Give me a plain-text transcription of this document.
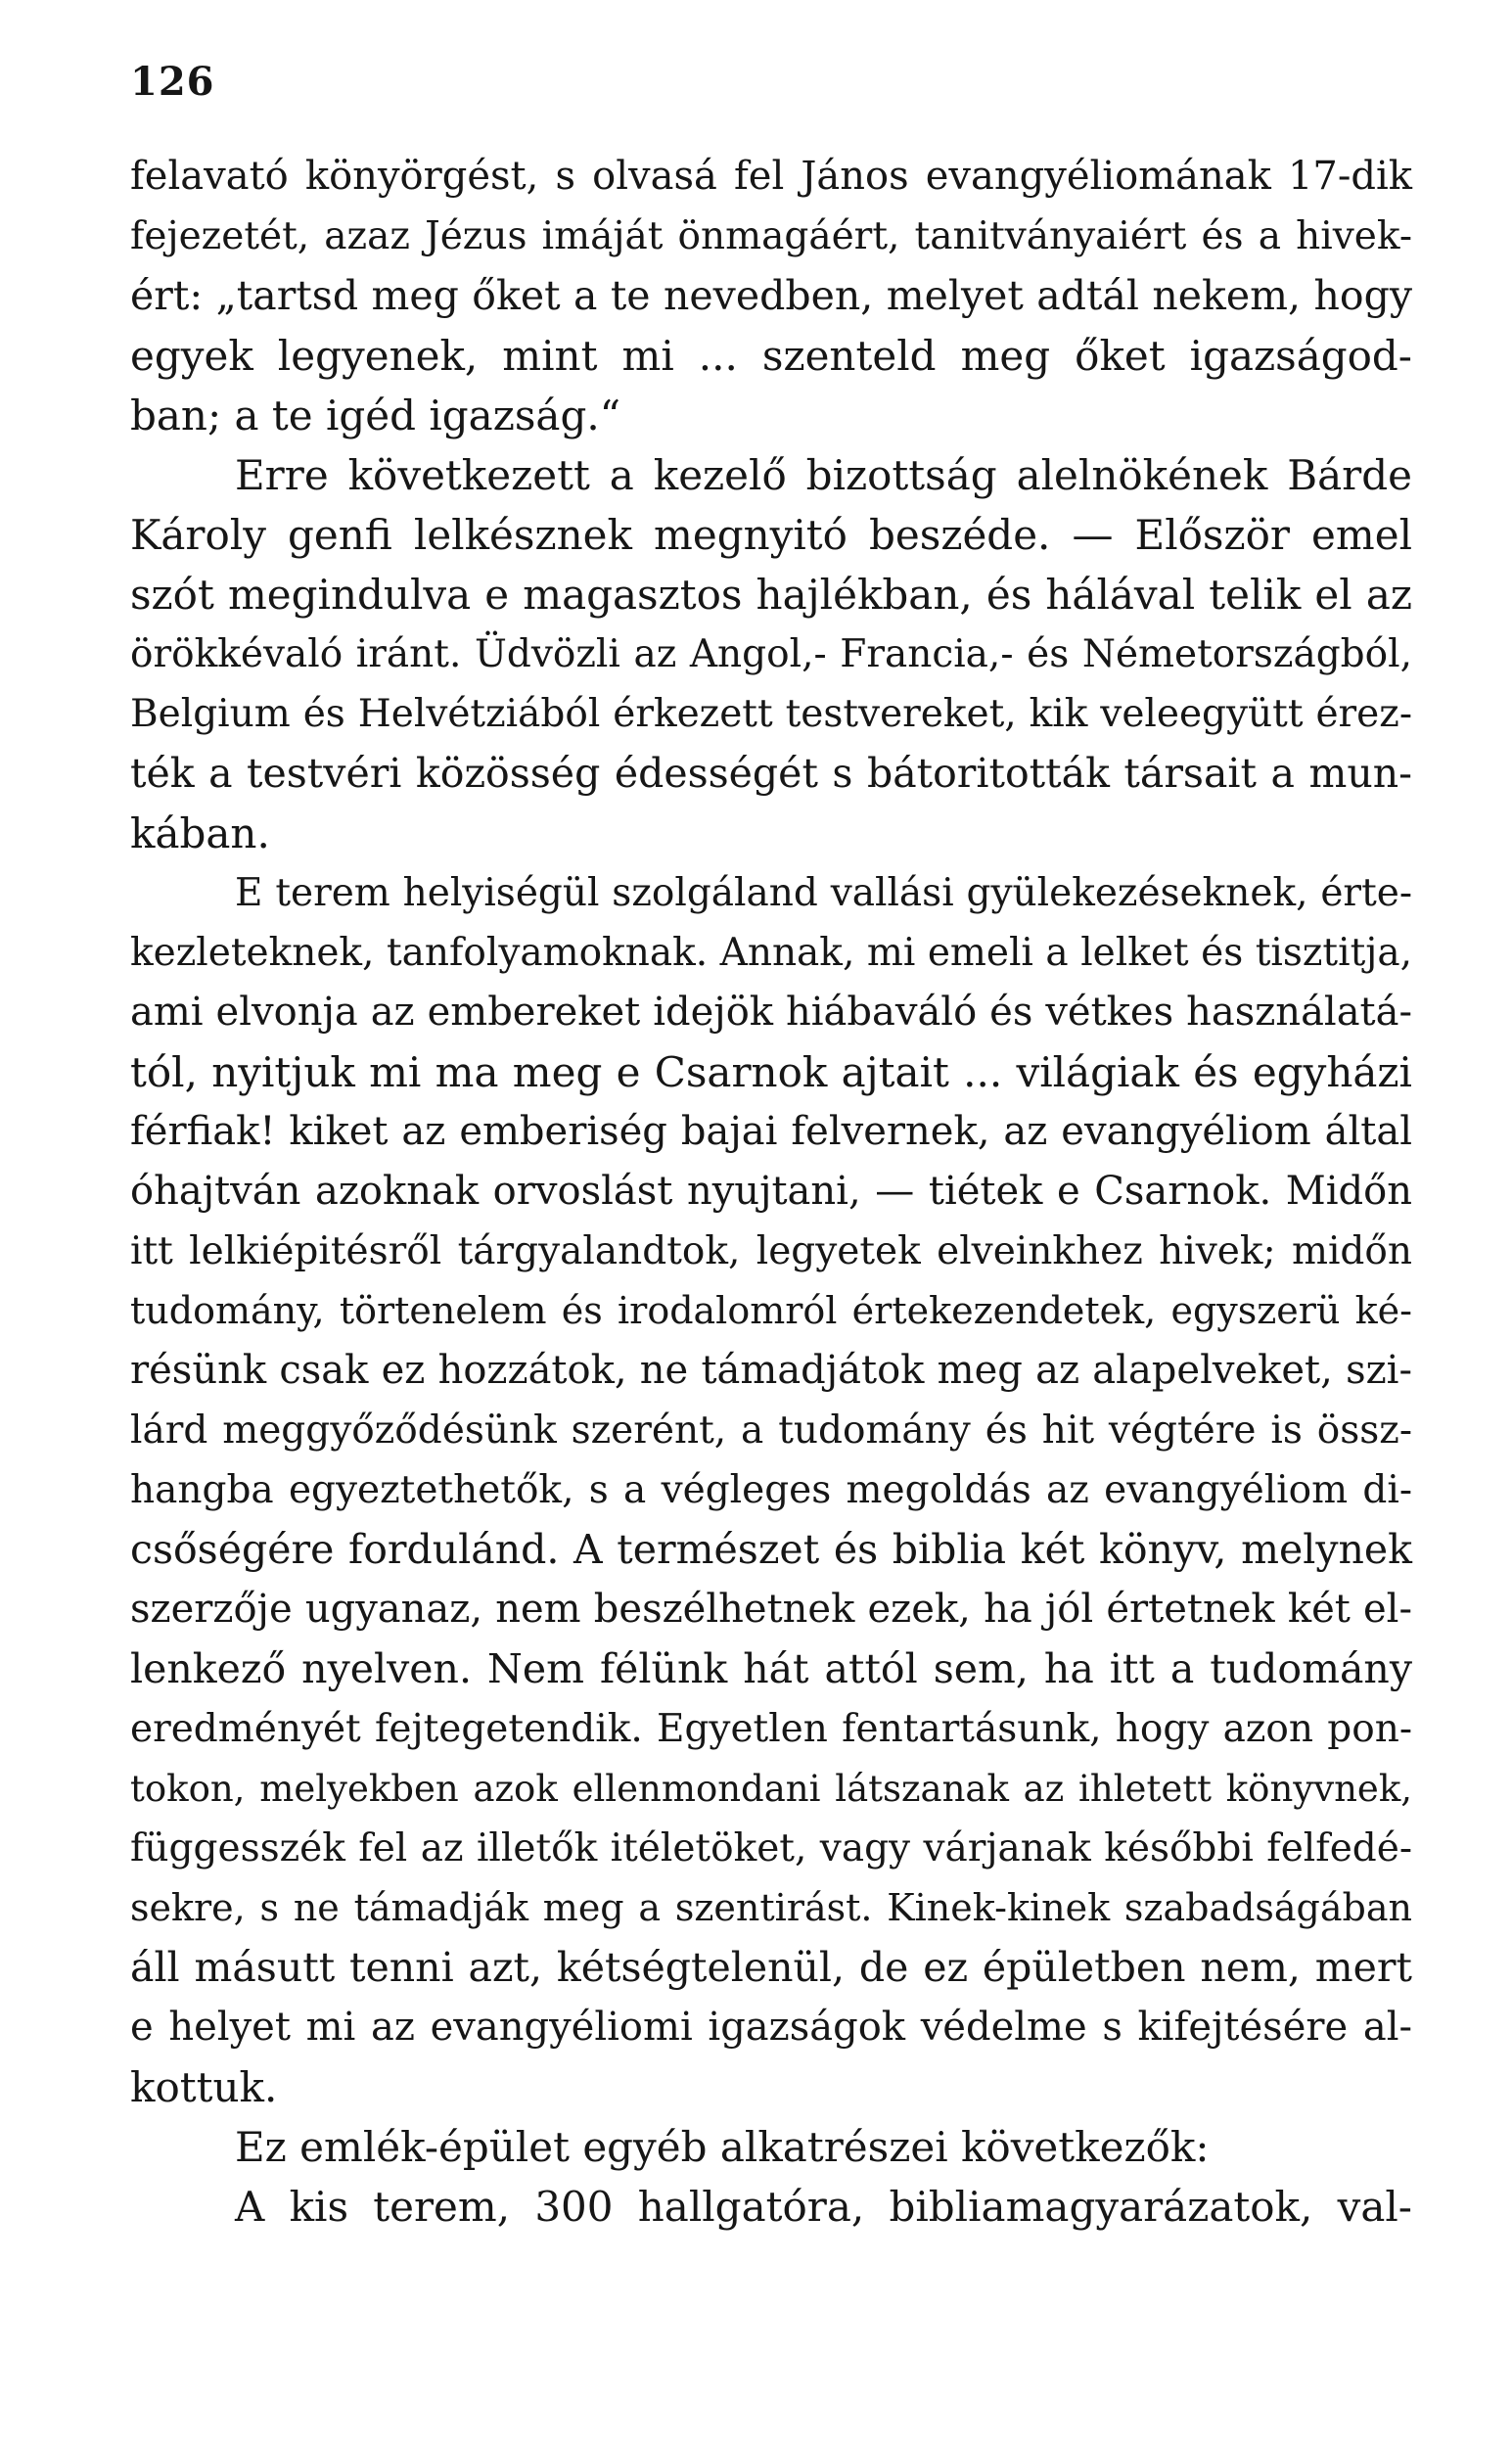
126
felavató könyörgést, s olvasá fel János evangyéliomának 17-dik
fejezetét, azaz Jézus imáját önmagáért, tanitványaiért és a hivek-
ért: „tartsd meg őket a te nevedben, melyet adtál nekem, hogy
egyek legyenek, mint mi ... szenteld meg őket igazságod-
ban; a te igéd igazság.“
Erre következett a kezelő bizottság alelnökének Bárde
Károly genfi lelkésznek megnyitó beszéde. — Először emel
szót megindulva e magasztos hajlékban, és hálával telik el az
örökkévaló iránt. Üdvözli az Angol,- Francia,- és Németországból,
Belgium és Helvétziából érkezett testvereket, kik veleegyütt érez-
ték a testvéri közösség édességét s bátoritották társait a mun-
kában.
E terem helyiségül szolgáland vallási gyülekezéseknek, érte-
kezleteknek, tanfolyamoknak. Annak, mi emeli a lelket és tisztitja,
ami elvonja az embereket idejök hiábaváló és vétkes használatá-
tól, nyitjuk mi ma meg e Csarnok ajtait ... világiak és egyházi
férfiak! kiket az emberiség bajai felvernek, az evangyéliom által
óhajtván azoknak orvoslást nyujtani, — tiétek e Csarnok. Midőn
itt lelkiépitésről tárgyalandtok, legyetek elveinkhez hivek; midőn
tudomány, törtenelem és irodalomról értekezendetek, egyszerü ké-
résünk csak ez hozzátok, ne támadjátok meg az alapelveket, szi-
lárd meggyőződésünk szerént, a tudomány és hit végtére is össz-
hangba egyeztethetők, s a végleges megoldás az evangyéliom di-
csőségére fordulánd. A természet és biblia két könyv, melynek
szerzője ugyanaz, nem beszélhetnek ezek, ha jól értetnek két el-
lenkező nyelven. Nem félünk hát attól sem, ha itt a tudomány
eredményét fejtegetendik. Egyetlen fentartásunk, hogy azon pon-
tokon, melyekben azok ellenmondani látszanak az ihletett könyvnek,
függesszék fel az illetők itéletöket, vagy várjanak későbbi felfedé-
sekre, s ne támadják meg a szentirást. Kinek-kinek szabadságában
áll másutt tenni azt, kétségtelenül, de ez épületben nem, mert
e helyet mi az evangyéliomi igazságok védelme s kifejtésére al-
kottuk.
Ez emlék-épület egyéb alkatrészei következők:
A kis terem, 300 hallgatóra, bibliamagyarázatok, val-
